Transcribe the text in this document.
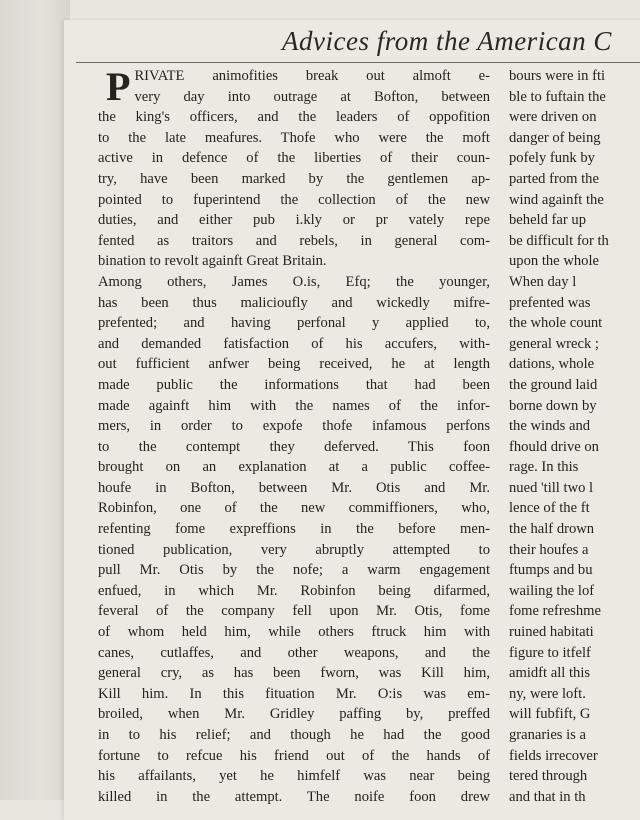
Advices from the American C
P RIVATE animofities break out almoft e-
very day into outrage at Bofton, between
the king's officers, and the leaders of oppofition
to the late meafures. Thofe who were the moft
active in defence of the liberties of their coun-
try, have been marked by the gentlemen ap-
pointed to fuperintend the collection of the new
duties, and either pub i.kly or pr vately repe
fented as traitors and rebels, in general com-
bination to revolt againft Great Britain.
Among others, James O.is, Efq; the younger,
has been thus malicioufly and wickedly mifre-
prefented; and having perfonal y applied to,
and demanded fatisfaction of his accufers, with-
out fufficient anfwer being received, he at length
made public the informations that had been
made againft him with the names of the infor-
mers, in order to expofe thofe infamous perfons
to the contempt they deferved. This foon
brought on an explanation at a public coffee-
houfe in Bofton, between Mr. Otis and Mr.
Robinfon, one of the new commiffioners, who,
refenting fome expreffions in the before men-
tioned publication, very abruptly attempted to
pull Mr. Otis by the nofe; a warm engagement
enfued, in which Mr. Robinfon being difarmed,
feveral of the company fell upon Mr. Otis, fome
of whom held him, while others ftruck him with
canes, cutlaffes, and other weapons, and the
general cry, as has been fworn, was Kill him,
Kill him. In this fituation Mr. O:is was em-
broiled, when Mr. Gridley paffing by, preffed
in to his relief; and though he had the good
fortune to refcue his friend out of the hands of
his affailants, yet he himfelf was near being
killed in the attempt. The noife foon drew
bours were in fti
ble to fuftain the
were driven on
danger of being
pofely funk by
parted from the
wind againft the
beheld far up
be difficult for th
upon the whole
When day l
prefented was
the whole count
general wreck ;
dations, whole
the ground laid
borne down by
the winds and
fhould drive on
rage. In this
nued 'till two l
lence of the ft
the half drown
their houfes a
ftumps and bu
wailing the lof
fome refreshme
ruined habitati
figure to itfelf
amidft all this
ny, were loft.
will fubfift, G
granaries is a
fields irrecover
tered through
and that in th
